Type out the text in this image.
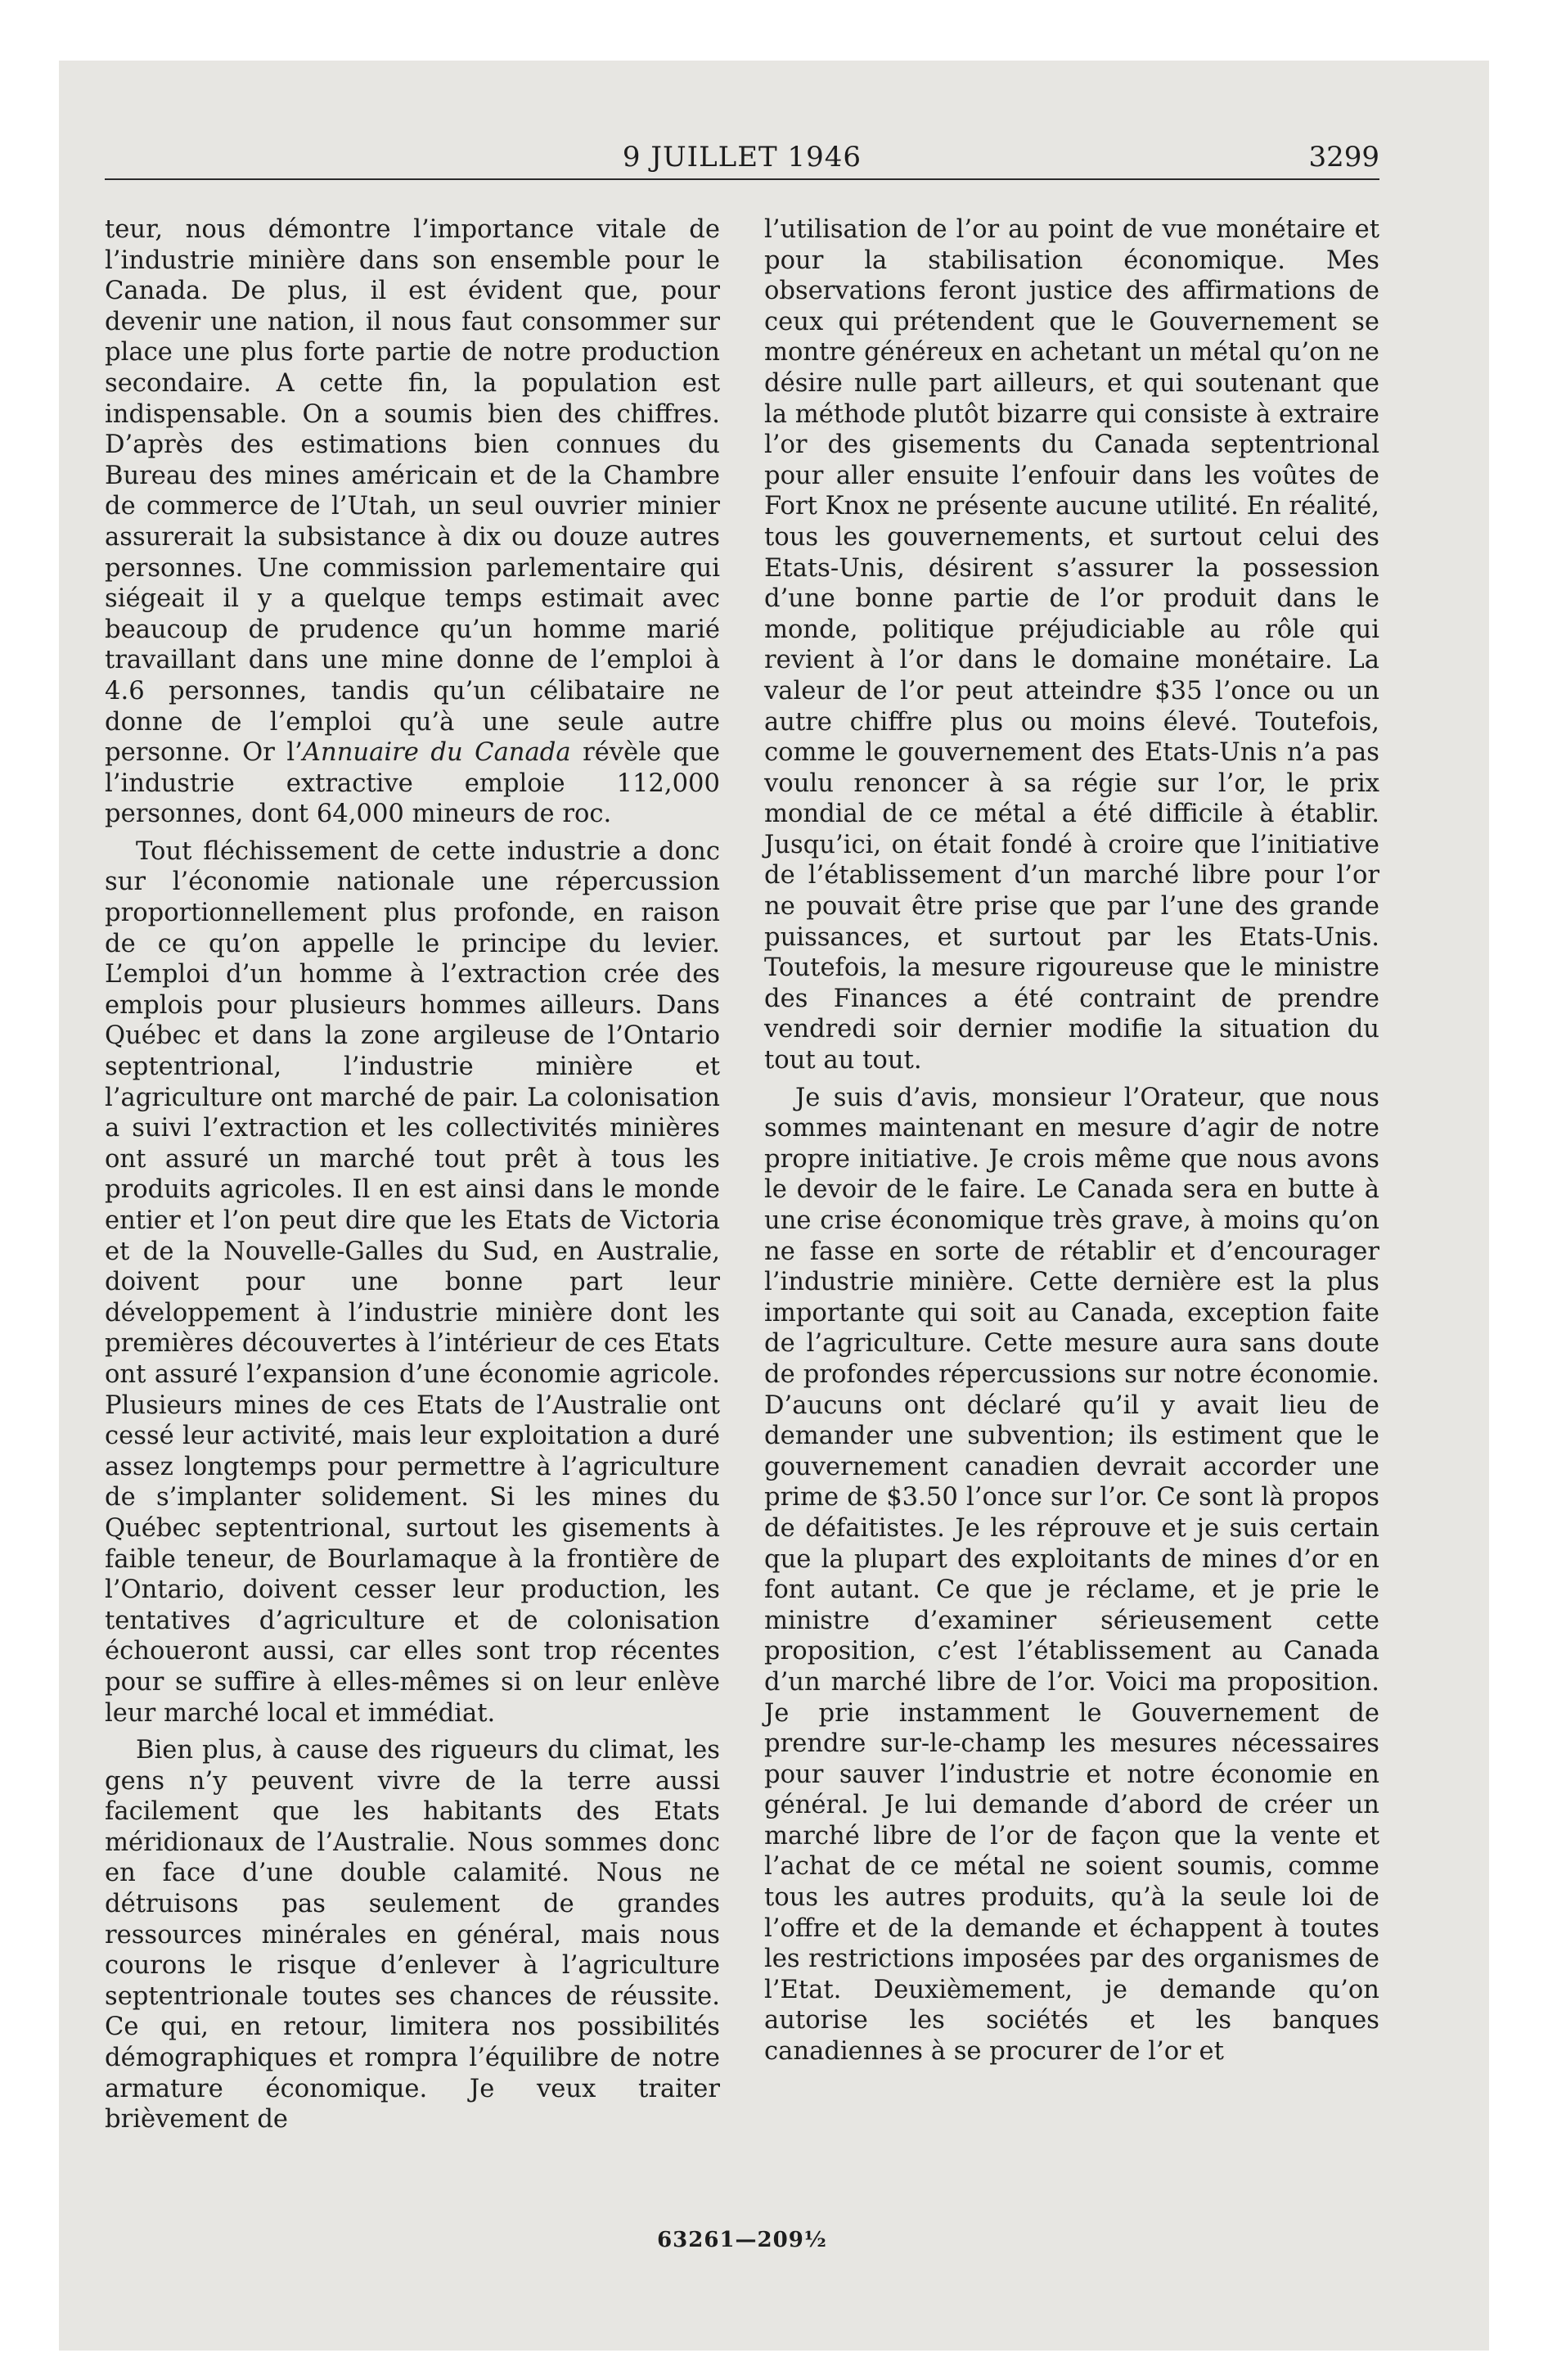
9 JUILLET 1946	3299

teur, nous démontre l’importance vitale de l’industrie minière dans son ensemble pour le Canada. De plus, il est évident que, pour devenir une nation, il nous faut consommer sur place une plus forte partie de notre production secondaire. A cette fin, la population est indispensable. On a soumis bien des chiffres. D’après des estimations bien connues du Bureau des mines américain et de la Chambre de commerce de l’Utah, un seul ouvrier minier assurerait la subsistance à dix ou douze autres personnes. Une commission parlementaire qui siégeait il y a quelque temps estimait avec beaucoup de prudence qu’un homme marié travaillant dans une mine donne de l’emploi à 4.6 personnes, tandis qu’un célibataire ne donne de l’emploi qu’à une seule autre personne. Or l’Annuaire du Canada révèle que l’industrie extractive emploie 112,000 personnes, dont 64,000 mineurs de roc.

Tout fléchissement de cette industrie a donc sur l’économie nationale une répercussion proportionnellement plus profonde, en raison de ce qu’on appelle le principe du levier. L’emploi d’un homme à l’extraction crée des emplois pour plusieurs hommes ailleurs. Dans Québec et dans la zone argileuse de l’Ontario septentrional, l’industrie minière et l’agriculture ont marché de pair. La colonisation a suivi l’extraction et les collectivités minières ont assuré un marché tout prêt à tous les produits agricoles. Il en est ainsi dans le monde entier et l’on peut dire que les Etats de Victoria et de la Nouvelle-Galles du Sud, en Australie, doivent pour une bonne part leur développement à l’industrie minière dont les premières découvertes à l’intérieur de ces Etats ont assuré l’expansion d’une économie agricole. Plusieurs mines de ces Etats de l’Australie ont cessé leur activité, mais leur exploitation a duré assez longtemps pour permettre à l’agriculture de s’implanter solidement. Si les mines du Québec septentrional, surtout les gisements à faible teneur, de Bourlamaque à la frontière de l’Ontario, doivent cesser leur production, les tentatives d’agriculture et de colonisation échoueront aussi, car elles sont trop récentes pour se suffire à elles-mêmes si on leur enlève leur marché local et immédiat.

Bien plus, à cause des rigueurs du climat, les gens n’y peuvent vivre de la terre aussi facilement que les habitants des Etats méridionaux de l’Australie. Nous sommes donc en face d’une double calamité. Nous ne détruisons pas seulement de grandes ressources minérales en général, mais nous courons le risque d’enlever à l’agriculture septentrionale toutes ses chances de réussite. Ce qui, en retour, limitera nos possibilités démographiques et rompra l’équilibre de notre armature économique. Je veux traiter brièvement de

l’utilisation de l’or au point de vue monétaire et pour la stabilisation économique. Mes observations feront justice des affirmations de ceux qui prétendent que le Gouvernement se montre généreux en achetant un métal qu’on ne désire nulle part ailleurs, et qui soutenant que la méthode plutôt bizarre qui consiste à extraire l’or des gisements du Canada septentrional pour aller ensuite l’enfouir dans les voûtes de Fort Knox ne présente aucune utilité. En réalité, tous les gouvernements, et surtout celui des Etats-Unis, désirent s’assurer la possession d’une bonne partie de l’or produit dans le monde, politique préjudiciable au rôle qui revient à l’or dans le domaine monétaire. La valeur de l’or peut atteindre $35 l’once ou un autre chiffre plus ou moins élevé. Toutefois, comme le gouvernement des Etats-Unis n’a pas voulu renoncer à sa régie sur l’or, le prix mondial de ce métal a été difficile à établir. Jusqu’ici, on était fondé à croire que l’initiative de l’établissement d’un marché libre pour l’or ne pouvait être prise que par l’une des grande puissances, et surtout par les Etats-Unis. Toutefois, la mesure rigoureuse que le ministre des Finances a été contraint de prendre vendredi soir dernier modifie la situation du tout au tout.

Je suis d’avis, monsieur l’Orateur, que nous sommes maintenant en mesure d’agir de notre propre initiative. Je crois même que nous avons le devoir de le faire. Le Canada sera en butte à une crise économique très grave, à moins qu’on ne fasse en sorte de rétablir et d’encourager l’industrie minière. Cette dernière est la plus importante qui soit au Canada, exception faite de l’agriculture. Cette mesure aura sans doute de profondes répercussions sur notre économie. D’aucuns ont déclaré qu’il y avait lieu de demander une subvention; ils estiment que le gouvernement canadien devrait accorder une prime de $3.50 l’once sur l’or. Ce sont là propos de défaitistes. Je les réprouve et je suis certain que la plupart des exploitants de mines d’or en font autant. Ce que je réclame, et je prie le ministre d’examiner sérieusement cette proposition, c’est l’établissement au Canada d’un marché libre de l’or. Voici ma proposition. Je prie instamment le Gouvernement de prendre sur-le-champ les mesures nécessaires pour sauver l’industrie et notre économie en général. Je lui demande d’abord de créer un marché libre de l’or de façon que la vente et l’achat de ce métal ne soient soumis, comme tous les autres produits, qu’à la seule loi de l’offre et de la demande et échappent à toutes les restrictions imposées par des organismes de l’Etat. Deuxièmement, je demande qu’on autorise les sociétés et les banques canadiennes à se procurer de l’or et

63261—209½
